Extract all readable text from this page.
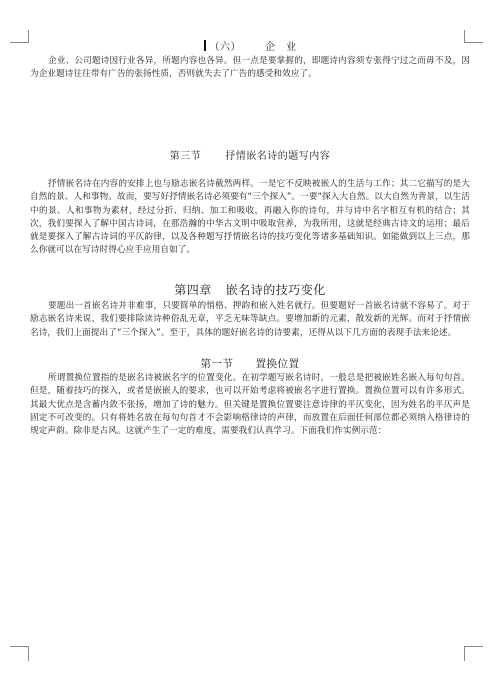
（六） 企　业

企业、公司题诗因行业各异，所题内容也各异。但一点是要掌握的，即题诗内容须专张得宁过之而毋不及，因为企业题诗往往带有广告的张扬性质，否则就失去了广告的感受和效应了。

第三节 抒情嵌名诗的题写内容

抒情嵌名诗在内容的安排上也与励志嵌名诗截然两样。一是它不反映被嵌人的生活与工作；其二它描写的是大自然的景、人和事物。故而，要写好抒情嵌名诗必须要有“三个探入”。一要“探入大自然。以大自然为背景，以生活中的景、人和事物为素材，经过分折、归纳、加工和吸收，再融入你的诗句，并与诗中名字相互有机的结合；其次，我们要探入了解中国古诗词，在那浩瀚的中华古文明中吸取营养，为我所用，这就是经典古诗文的运用；最后就是要探入了解古诗词的平仄韵律，以及各种题写抒情嵌名诗的技巧变化等诸多基础知识。如能做到以上三点，那么你就可以在写诗时得心应手应用自如了。

第四章 嵌名诗的技巧变化

要题出一首嵌名诗并非难事，只要简单的悄格、押韵和嵌入姓名就行。但要题好一首嵌名诗就不容易了。对于励志嵌名诗来说，我们要排除读诗种俗乱无章，平乏无味等缺点。要增加新的元素，散发新的光辉。而对于抒情嵌名诗，我们上面提出了“三个探入”。至于，具体的题好嵌名诗的诗要素，还得从以下几方面的表现手法来论述。

第一节 置换位置

所谓置换位置指的是嵌名诗被嵌名字的位置变化。在初学题写嵌名诗时，一般总是把被嵌姓名嵌入每句句首。但是，随着技巧的探入，或者是嵌嵌人的要求，也可以开始考虑将被嵌名字进行置换。置换位置可以有许多形式。其最大优点是含蓄内敛不张扬，增加了诗的魅力。但关键是置换位置要注意诗律的平仄变化，因为姓名的平仄声是固定不可改变的。只有将姓名放在每句句首才不会影响格律诗的声律，而放置在后面任何部位都必须纳入格律诗的规定声韵。除非是古风。这就产生了一定的难度，需要我们认真学习。下面我们作实例示范：
